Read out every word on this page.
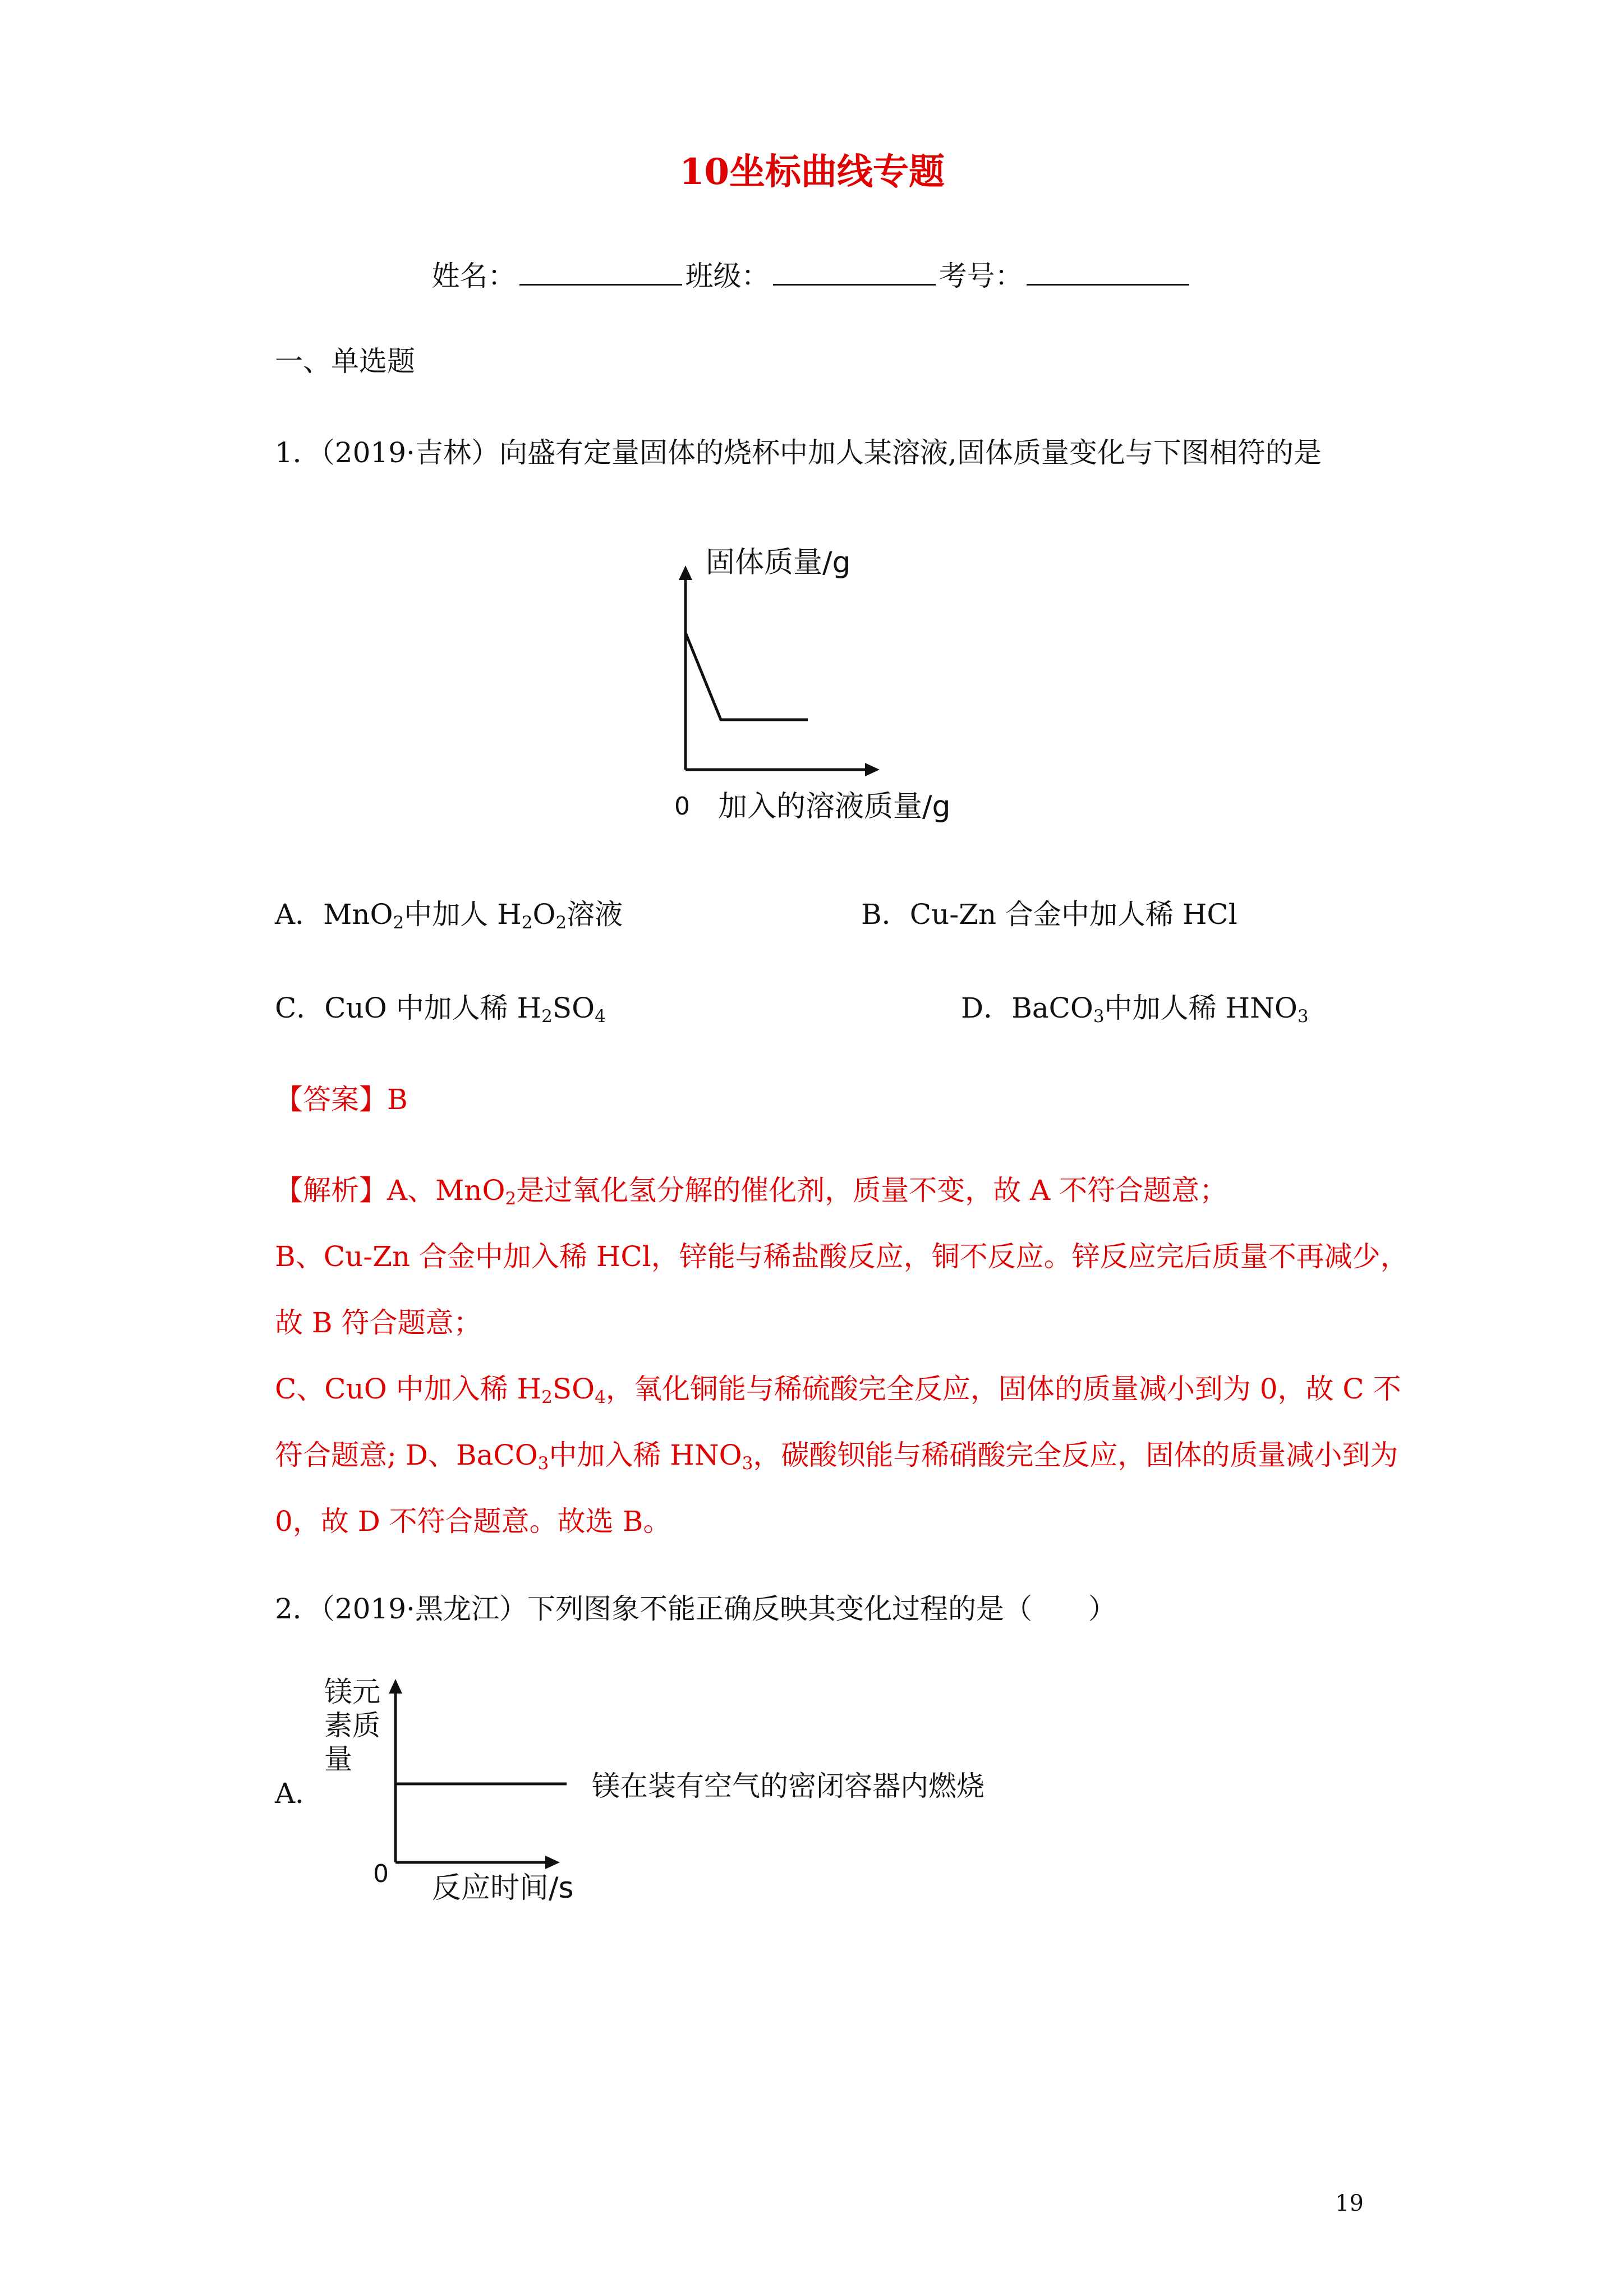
10坐标曲线专题
姓名：	班级：	考号：
一、单选题
1．（2019·吉林）向盛有定量固体的烧杯中加人某溶液,固体质量变化与下图相符的是
固体质量/g
0 加入的溶液质量/g
A．MnO$_2$中加人 $H_2O_2$溶液	B．Cu-Zn 合金中加人稀 HCl
C．CuO 中加人稀 $H_2SO_4$	D．BaCO$_3$中加人稀 $HNO_3$
【答案】B
【解析】A、MnO$_2$是过氧化氢分解的催化剂，质量不变，故 A 不符合题意；
B、Cu-Zn 合金中加入稀 HCl，锌能与稀盐酸反应，铜不反应。锌反应完后质量不再减少，
故 B 符合题意；
C、CuO 中加入稀 $H_2SO_4$，氧化铜能与稀硫酸完全反应，固体的质量减小到为 0，故 C 不
符合题意; D、BaCO$_3$中加入稀 $HNO_3$，碳酸钡能与稀硝酸完全反应，固体的质量减小到为
0，故 D 不符合题意。故选 B。
2．（2019·黑龙江）下列图象不能正确反映其变化过程的是（　　）
A．
镁元
素质
量
0 反应时间/s
镁在装有空气的密闭容器内燃烧
19
